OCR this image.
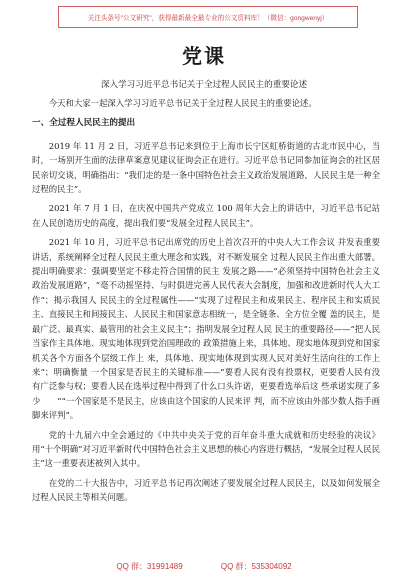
关注头条号"公文研究"，获得最新最全最专业的公文资料库！（微信：gongwenyj）
党课
深入学习习近平总书记关于全过程人民民主的重要论述

今天和大家一起深入学习习近平总书记关于全过程人民民主的重要论述。

一、全过程人民民主的提出

2019 年 11 月 2 日，习近平总书记来到位于上海市长宁区虹桥街道的古北市民中心，当时，一场别开生面的法律草案意见建议征询会正在进行。习近平总书记同参加征询会的社区居民亲切交谈，明确指出：“我们走的是一条中国特色社会主义政治发展道路，人民民主是一种全过程的民主”。

2021 年 7 月 1 日，在庆祝中国共产党成立 100 周年大会上的讲话中，习近平总书记站在人民创造历史的高度，提出我们要“发展全过程人民民主”。

2021 年 10 月，习近平总书记出席党的历史上首次召开的中央人大工作会议 并发表重要讲话，系统阐释全过程人民民主重大理念和实践，对不断发展全 过程人民民主作出重大部署。提出明确要求：强调要坚定不移走符合国情的民主 发展之路——“必须坚持中国特色社会主义政治发展道路”，“毫不动摇坚持、与时俱进完善人民代表大会制度，加强和改进新时代人大工作”；揭示我国人 民民主的全过程属性——“实现了过程民主和成果民主、程序民主和实质民主、直接民主和间接民主、人民民主和国家意志相统一，是全链条、全方位全覆 盖的民主，是最广泛、最真实、最管用的社会主义民主”；指明发展全过程人民 民主的重要路径——“把人民当家作主具体地、现实地体现到党治国理政的 政策措施上来，具体地、现实地体现到党和国家机关各个方面各个层级工作上 来，具体地、现实地体现到实现人民对美好生活向往的工作上来”；明确衡量 一个国家是否民主的关键标准——“要看人民有没有投票权，更要看人民有没 有广泛参与权；要看人民在选举过程中得到了什么口头许诺，更要看选举后这 些承诺实现了多少　　”“一个国家是不是民主，应该由这个国家的人民来评 判，而不应该由外部少数人指手画脚来评判”。

党的十九届六中全会通过的《中共中央关于党的百年奋斗重大成就和历史经验的决议》用“十个明确”对习近平新时代中国特色社会主义思想的核心内容进行概括，“发展全过程人民民主”这一重要表述被列入其中。

在党的二十大报告中，习近平总书记再次阐述了要发展全过程人民民主，以及如何发展全过程人民民主等相关问题。

QQ 群：31991489	QQ 群：535304092
